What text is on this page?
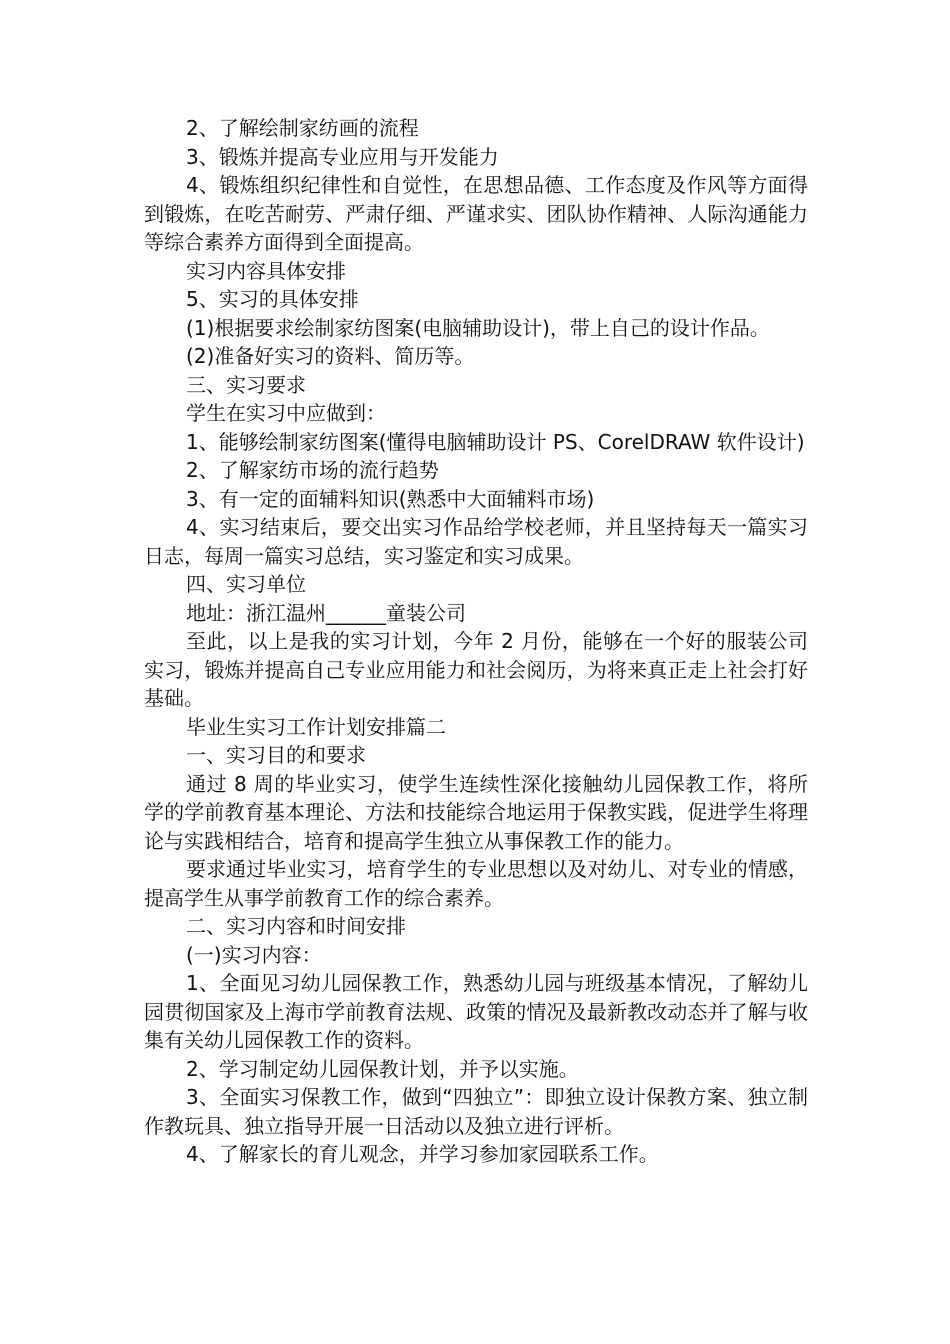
2、了解绘制家纺画的流程

3、锻炼并提高专业应用与开发能力

4、锻炼组织纪律性和自觉性，在思想品德、工作态度及作风等方面得到锻炼，在吃苦耐劳、严肃仔细、严谨求实、团队协作精神、人际沟通能力等综合素养方面得到全面提高。

实习内容具体安排

5、实习的具体安排

(1)根据要求绘制家纺图案(电脑辅助设计)，带上自己的设计作品。

(2)准备好实习的资料、简历等。

三、实习要求

学生在实习中应做到：

1、能够绘制家纺图案(懂得电脑辅助设计 PS、CorelDRAW 软件设计)

2、了解家纺市场的流行趋势

3、有一定的面辅料知识(熟悉中大面辅料市场)

4、实习结束后，要交出实习作品给学校老师，并且坚持每天一篇实习日志，每周一篇实习总结，实习鉴定和实习成果。

四、实习单位

地址：浙江温州______童装公司

至此，以上是我的实习计划，今年 2 月份，能够在一个好的服装公司实习，锻炼并提高自己专业应用能力和社会阅历，为将来真正走上社会打好基础。

毕业生实习工作计划安排篇二

一、实习目的和要求

通过 8 周的毕业实习，使学生连续性深化接触幼儿园保教工作，将所学的学前教育基本理论、方法和技能综合地运用于保教实践，促进学生将理论与实践相结合，培育和提高学生独立从事保教工作的能力。

要求通过毕业实习，培育学生的专业思想以及对幼儿、对专业的情感，提高学生从事学前教育工作的综合素养。

二、实习内容和时间安排

(一)实习内容：

1、全面见习幼儿园保教工作，熟悉幼儿园与班级基本情况，了解幼儿园贯彻国家及上海市学前教育法规、政策的情况及最新教改动态并了解与收集有关幼儿园保教工作的资料。

2、学习制定幼儿园保教计划，并予以实施。

3、全面实习保教工作，做到“四独立”：即独立设计保教方案、独立制作教玩具、独立指导开展一日活动以及独立进行评析。

4、了解家长的育儿观念，并学习参加家园联系工作。
